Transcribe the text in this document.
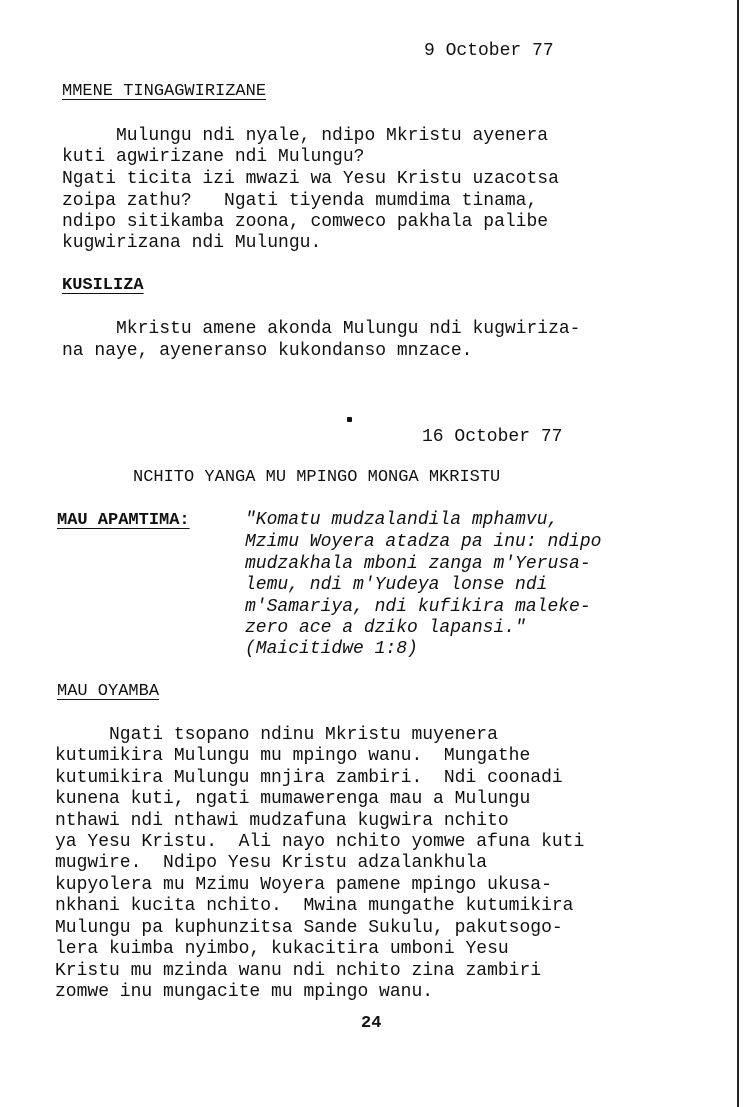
9 October 77

MMENE TINGAGWIRIZANE

Mulungu ndi nyale, ndipo Mkristu ayenera

kuti agwirizane ndi Mulungu?

Ngati ticita izi mwazi wa Yesu Kristu uzacotsa

zoipa zathu?   Ngati tiyenda mumdima tinama,

ndipo sitikamba zoona, comweco pakhala palibe

kugwirizana ndi Mulungu.

KUSILIZA

Mkristu amene akonda Mulungu ndi kugwiriza-

na naye, ayeneranso kukondanso mnzace.

16 October 77

NCHITO YANGA MU MPINGO MONGA MKRISTU

MAU APAMTIMA:	"Komatu mudzalandila mphamvu,

Mzimu Woyera atadza pa inu: ndipo

mudzakhala mboni zanga m'Yerusa-

lemu, ndi m'Yudeya lonse ndi

m'Samariya, ndi kufikira maleke-

zero ace a dziko lapansi."

(Maicitidwe 1:8)

MAU OYAMBA

Ngati tsopano ndinu Mkristu muyenera

kutumikira Mulungu mu mpingo wanu.  Mungathe

kutumikira Mulungu mnjira zambiri.  Ndi coonadi

kunena kuti, ngati mumawerenga mau a Mulungu

nthawi ndi nthawi mudzafuna kugwira nchito

ya Yesu Kristu.  Ali nayo nchito yomwe afuna kuti

mugwire.  Ndipo Yesu Kristu adzalankhula

kupyolera mu Mzimu Woyera pamene mpingo ukusa-

nkhani kucita nchito.  Mwina mungathe kutumikira

Mulungu pa kuphunzitsa Sande Sukulu, pakutsogo-

lera kuimba nyimbo, kukacitira umboni Yesu

Kristu mu mzinda wanu ndi nchito zina zambiri

zomwe inu mungacite mu mpingo wanu.

24
